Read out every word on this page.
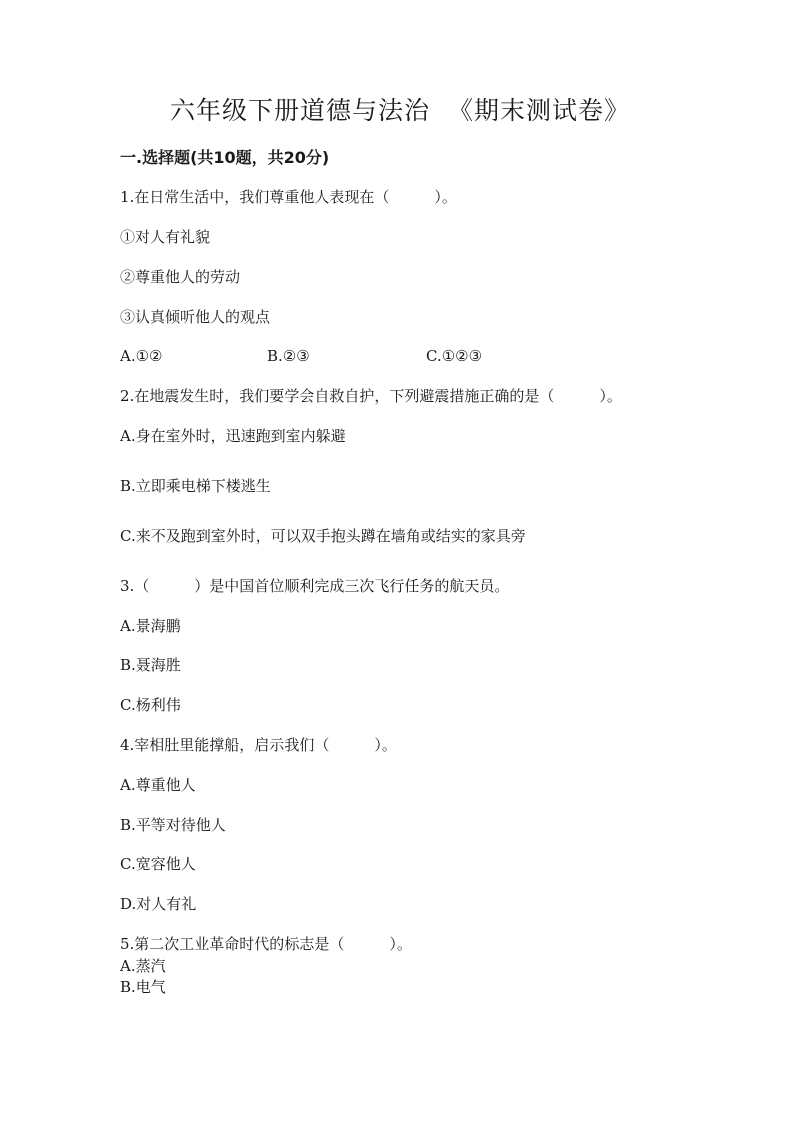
六年级下册道德与法治  《期末测试卷》
一.选择题(共10题，共20分)
1.在日常生活中，我们尊重他人表现在（　　　）。
①对人有礼貌
②尊重他人的劳动
③认真倾听他人的观点
A.①②	B.②③	C.①②③
2.在地震发生时，我们要学会自救自护，下列避震措施正确的是（　　　）。
A.身在室外时，迅速跑到室内躲避
B.立即乘电梯下楼逃生
C.来不及跑到室外时，可以双手抱头蹲在墙角或结实的家具旁
3.（　　　）是中国首位顺利完成三次飞行任务的航天员。
A.景海鹏
B.聂海胜
C.杨利伟
4.宰相肚里能撑船，启示我们（　　　）。
A.尊重他人
B.平等对待他人
C.宽容他人
D.对人有礼
5.第二次工业革命时代的标志是（　　　）。
A.蒸汽
B.电气
